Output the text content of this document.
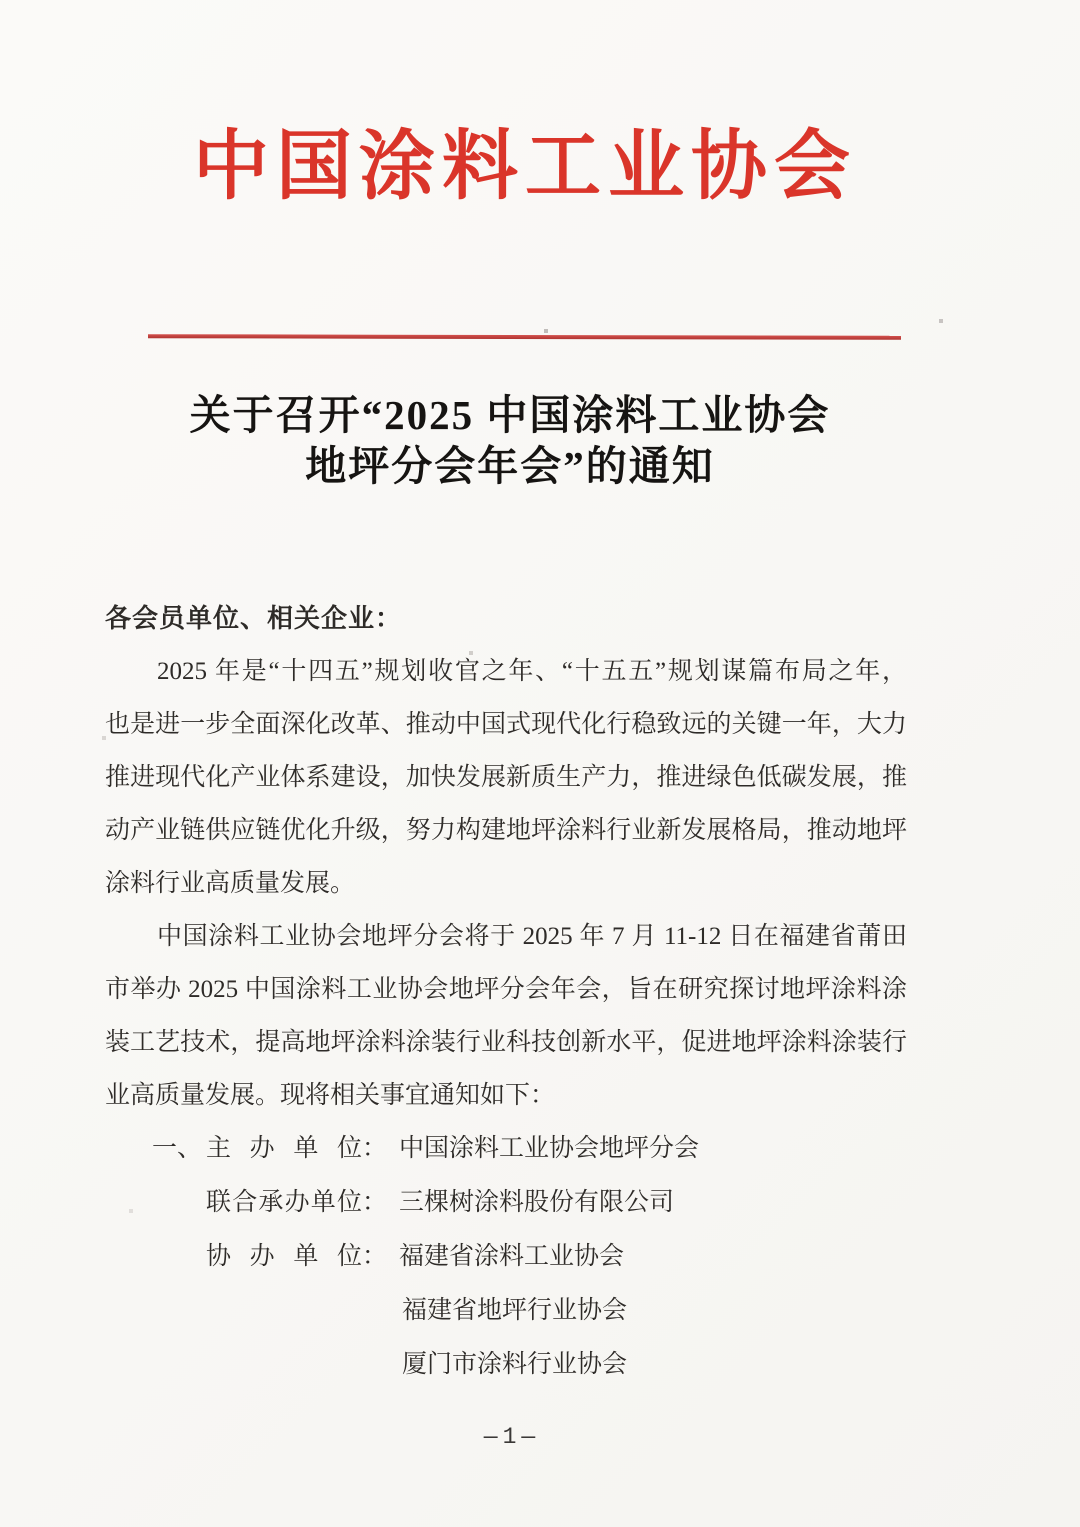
中国涂料工业协会
关于召开“2025 中国涂料工业协会
地坪分会年会”的通知
各会员单位、相关企业：
2025 年是“十四五”规划收官之年、“十五五”规划谋篇布局之年，
也是进一步全面深化改革、推动中国式现代化行稳致远的关键一年，大力
推进现代化产业体系建设，加快发展新质生产力，推进绿色低碳发展，推
动产业链供应链优化升级，努力构建地坪涂料行业新发展格局，推动地坪
涂料行业高质量发展。
中国涂料工业协会地坪分会将于 2025 年 7 月 11-12 日在福建省莆田
市举办 2025 中国涂料工业协会地坪分会年会，旨在研究探讨地坪涂料涂
装工艺技术，提高地坪涂料涂装行业科技创新水平，促进地坪涂料涂装行
业高质量发展。现将相关事宜通知如下：
一、 主办单位： 中国涂料工业协会地坪分会
联合承办单位： 三棵树涂料股份有限公司
协办单位： 福建省涂料工业协会
福建省地坪行业协会
厦门市涂料行业协会
—1—
